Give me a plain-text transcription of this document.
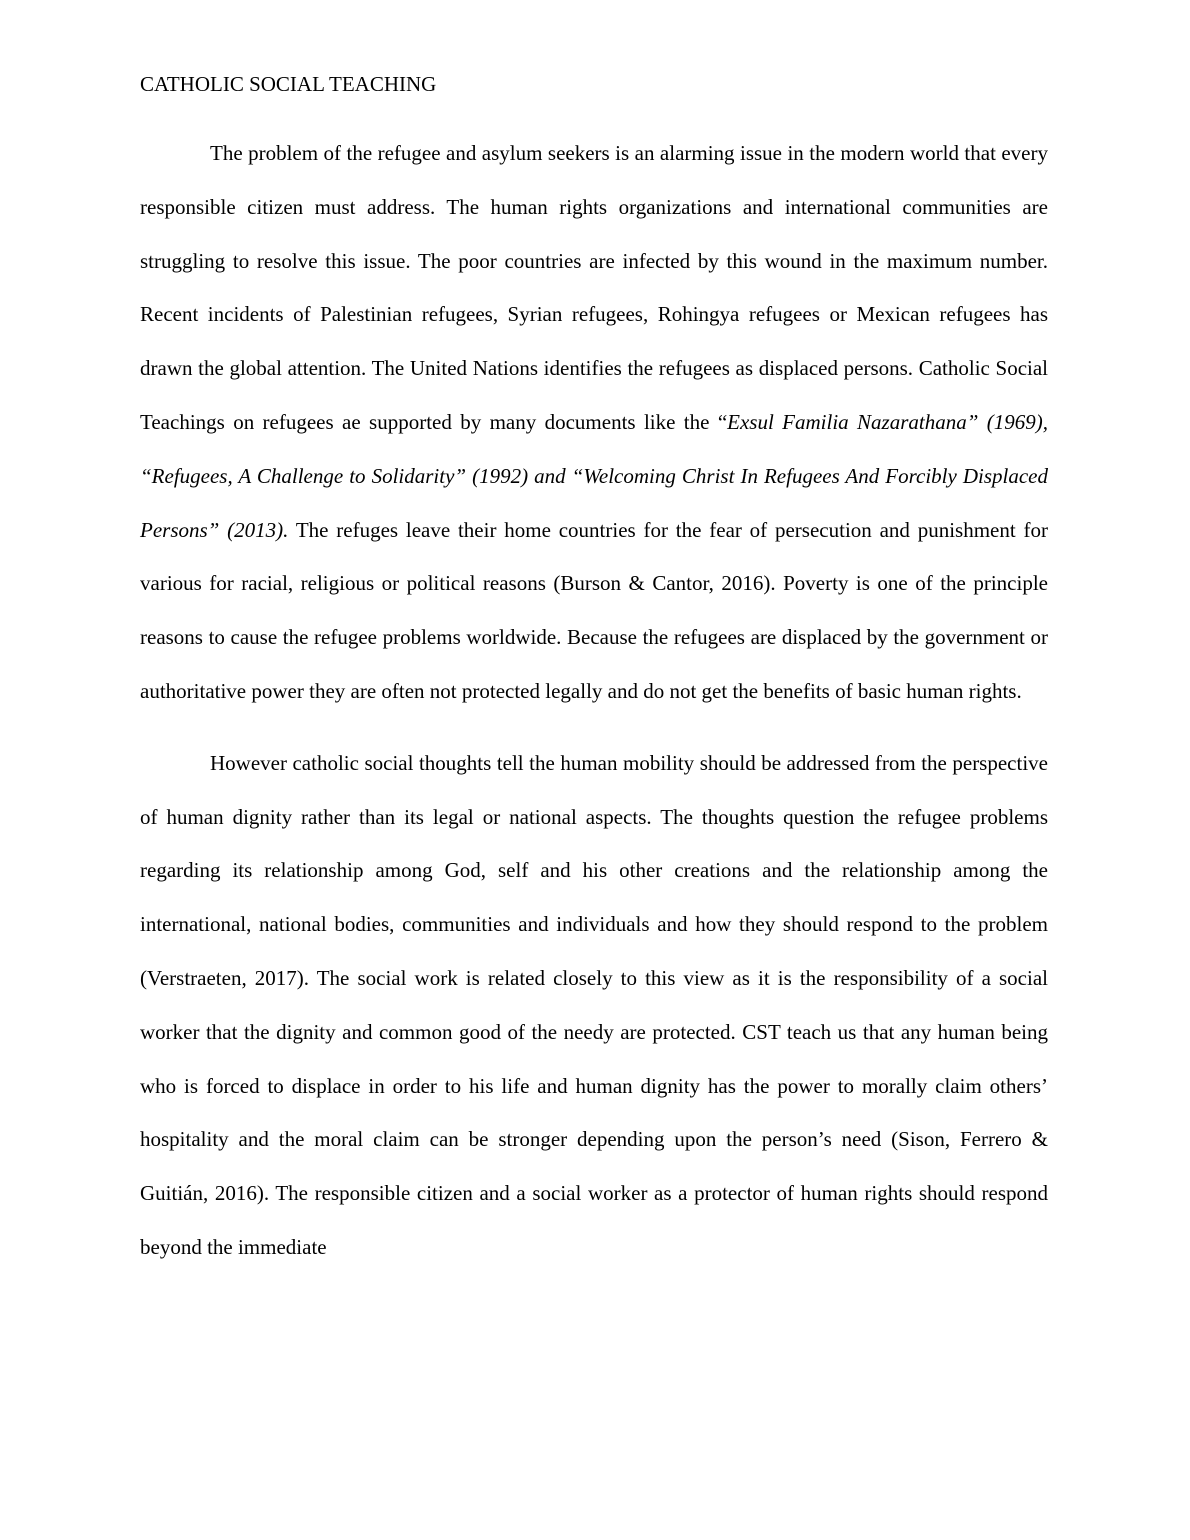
CATHOLIC SOCIAL TEACHING

The problem of the refugee and asylum seekers is an alarming issue in the modern world that every responsible citizen must address. The human rights organizations and international communities are struggling to resolve this issue. The poor countries are infected by this wound in the maximum number. Recent incidents of Palestinian refugees, Syrian refugees, Rohingya refugees or Mexican refugees has drawn the global attention. The United Nations identifies the refugees as displaced persons. Catholic Social Teachings on refugees ae supported by many documents like the “Exsul Familia Nazarathana” (1969), “Refugees, A Challenge to Solidarity” (1992) and “Welcoming Christ In Refugees And Forcibly Displaced Persons” (2013). The refuges leave their home countries for the fear of persecution and punishment for various for racial, religious or political reasons (Burson & Cantor, 2016). Poverty is one of the principle reasons to cause the refugee problems worldwide. Because the refugees are displaced by the government or authoritative power they are often not protected legally and do not get the benefits of basic human rights.

However catholic social thoughts tell the human mobility should be addressed from the perspective of human dignity rather than its legal or national aspects. The thoughts question the refugee problems regarding its relationship among God, self and his other creations and the relationship among the international, national bodies, communities and individuals and how they should respond to the problem (Verstraeten, 2017). The social work is related closely to this view as it is the responsibility of a social worker that the dignity and common good of the needy are protected. CST teach us that any human being who is forced to displace in order to his life and human dignity has the power to morally claim others’ hospitality and the moral claim can be stronger depending upon the person’s need (Sison, Ferrero & Guitián, 2016). The responsible citizen and a social worker as a protector of human rights should respond beyond the immediate
